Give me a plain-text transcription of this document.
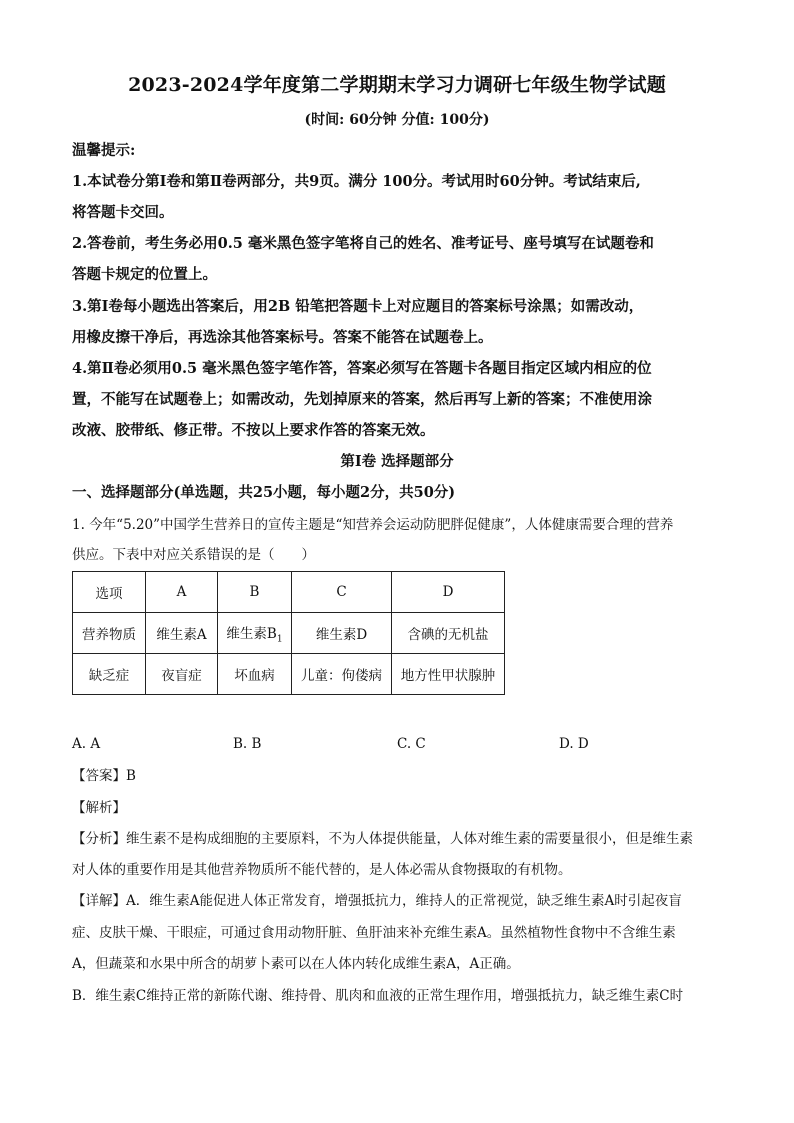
2023-2024学年度第二学期期末学习力调研七年级生物学试题
(时间: 60分钟 分值: 100分)
温馨提示:
1.本试卷分第Ⅰ卷和第Ⅱ卷两部分，共9页。满分 100分。考试用时60分钟。考试结束后,
将答题卡交回。
2.答卷前，考生务必用0.5 毫米黑色签字笔将自己的姓名、准考证号、座号填写在试题卷和
答题卡规定的位置上。
3.第Ⅰ卷每小题选出答案后，用2B 铅笔把答题卡上对应题目的答案标号涂黑；如需改动，
用橡皮擦干净后，再选涂其他答案标号。答案不能答在试题卷上。
4.第Ⅱ卷必须用0.5 毫米黑色签字笔作答，答案必须写在答题卡各题目指定区域内相应的位
置，不能写在试题卷上；如需改动，先划掉原来的答案，然后再写上新的答案；不准使用涂
改液、胶带纸、修正带。不按以上要求作答的答案无效。
第Ⅰ卷 选择题部分
一、选择题部分(单选题，共25小题，每小题2分，共50分)
1. 今年“5.20”中国学生营养日的宣传主题是“知营养会运动防肥胖促健康”，人体健康需要合理的营养
供应。下表中对应关系错误的是（　　）
选项	A	B	C	D
营养物质	维生素A	维生素$B_1$	维生素D	含碘的无机盐
缺乏症	夜盲症	坏血病	儿童：佝偻病	地方性甲状腺肿
A. A	B. B	C. C	D. D
【答案】B
【解析】
【分析】维生素不是构成细胞的主要原料，不为人体提供能量，人体对维生素的需要量很小，但是维生素
对人体的重要作用是其他营养物质所不能代替的，是人体必需从食物摄取的有机物。
【详解】A．维生素A能促进人体正常发育，增强抵抗力，维持人的正常视觉，缺乏维生素A时引起夜盲
症、皮肤干燥、干眼症，可通过食用动物肝脏、鱼肝油来补充维生素A。虽然植物性食物中不含维生素
A，但蔬菜和水果中所含的胡萝卜素可以在人体内转化成维生素A，A正确。
B．维生素C维持正常的新陈代谢、维持骨、肌肉和血液的正常生理作用，增强抵抗力，缺乏维生素C时
